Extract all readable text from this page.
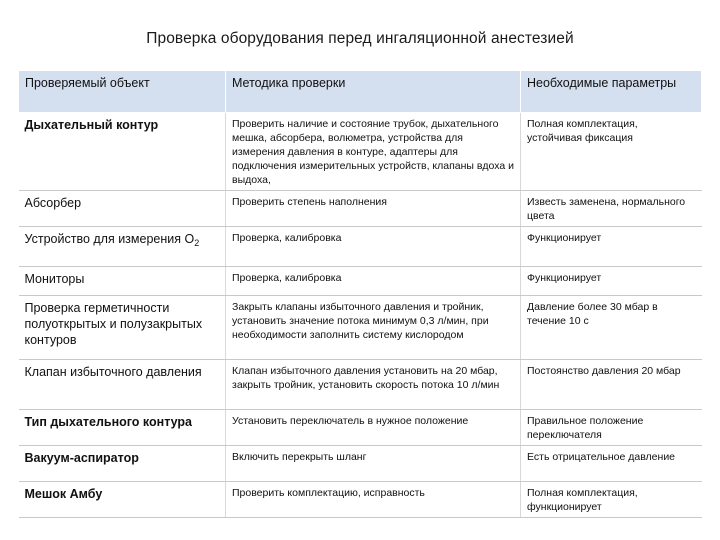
Проверка оборудования перед ингаляционной анестезией
Проверяемый объект	Методика проверки	Необходимые параметры
Дыхательный контур	Проверить наличие и состояние трубок, дыхательного мешка, абсорбера, волюметра, устройства для измерения давления в контуре, адаптеры для подключения измерительных устройств, клапаны вдоха и выдоха,	Полная комплектация, устойчивая фиксация
Абсорбер	Проверить степень наполнения	Известь заменена, нормального цвета
Устройство для измерения $О_2$	Проверка, калибровка	Функционирует
Мониторы	Проверка, калибровка	Функционирует
Проверка герметичности полуоткрытых и полузакрытых контуров	Закрыть клапаны избыточного давления и тройник, установить значение потока минимум 0,3 л/мин, при необходимости заполнить систему кислородом	Давление более 30 мбар в течение 10 с
Клапан избыточного давления	Клапан избыточного давления установить на 20 мбар, закрыть тройник, установить скорость потока 10 л/мин	Постоянство давления 20 мбар
Тип дыхательного контура	Установить переключатель в нужное положение	Правильное положение переключателя
Вакуум-аспиратор	Включить перекрыть шланг	Есть отрицательное давление
Мешок Амбу	Проверить комплектацию, исправность	Полная комплектация, функционирует
